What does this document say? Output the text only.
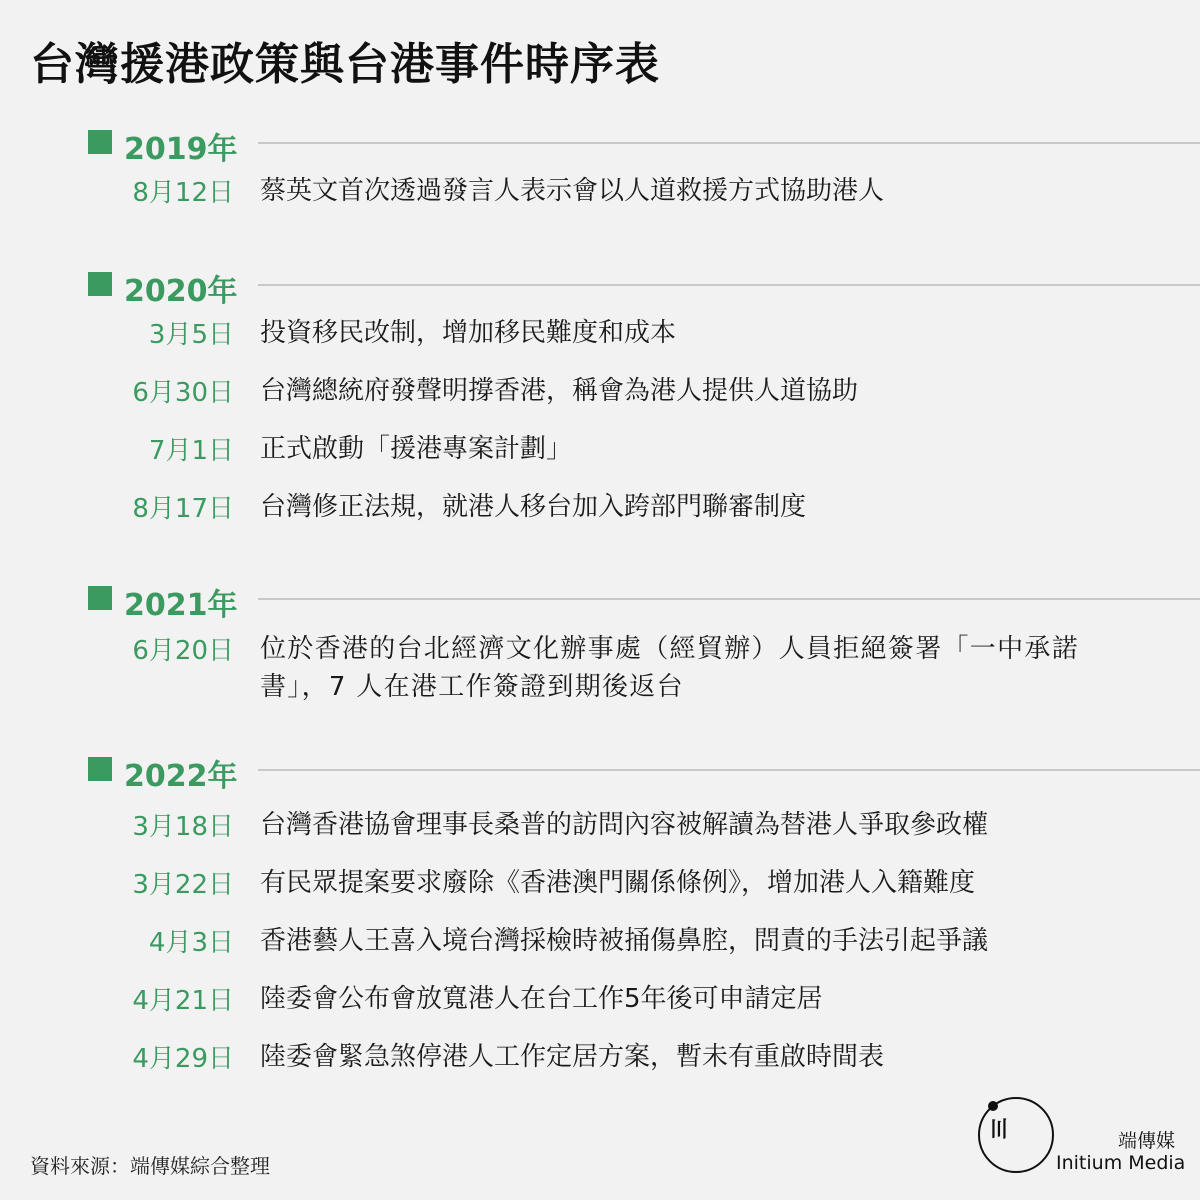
台灣援港政策與台港事件時序表
2019年
8月12日 蔡英文首次透過發言人表示會以人道救援方式協助港人
2020年
3月5日 投資移民改制，增加移民難度和成本
6月30日 台灣總統府發聲明撐香港，稱會為港人提供人道協助
7月1日 正式啟動「援港專案計劃」
8月17日 台灣修正法規，就港人移台加入跨部門聯審制度
2021年
6月20日 位於香港的台北經濟文化辦事處（經貿辦）人員拒絕簽署「一中承諾書」，7 人在港工作簽證到期後返台
2022年
3月18日 台灣香港協會理事長桑普的訪問內容被解讀為替港人爭取參政權
3月22日 有民眾提案要求廢除《香港澳門關係條例》，增加港人入籍難度
4月3日 香港藝人王喜入境台灣採檢時被捅傷鼻腔，問責的手法引起爭議
4月21日 陸委會公布會放寬港人在台工作5年後可申請定居
4月29日 陸委會緊急煞停港人工作定居方案，暫未有重啟時間表
資料來源：端傳媒綜合整理
〣	端傳媒
Initium Media
